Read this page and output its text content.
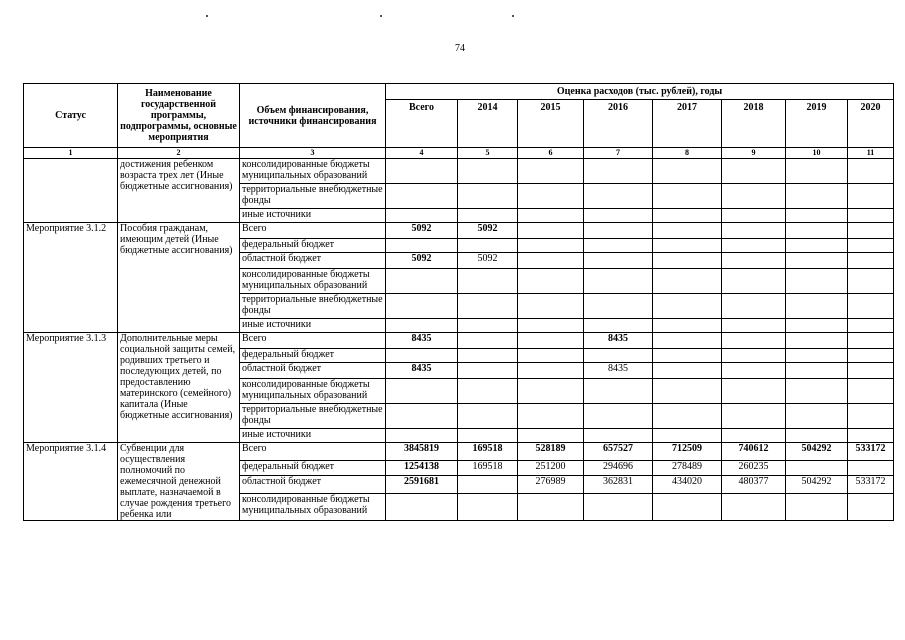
74
Статус	Наименование государственной программы, подпрограммы, основные мероприятия	Объем финансирования, источники финансирования	Оценка расходов (тыс. рублей), годы							
			Всего	2014	2015	2016	2017	2018	2019	2020
1	2	3	4	5	6	7	8	9	10	11
	достижения ребенком возраста трех лет (Иные бюджетные ассигнования)	консолидированные бюджеты муниципальных образований								
		территориальные внебюджетные фонды								
		иные источники								
Мероприятие 3.1.2	Пособия гражданам, имеющим детей (Иные бюджетные ассигнования)	Всего	5092	5092						
		федеральный бюджет								
		областной бюджет	5092	5092						
		консолидированные бюджеты муниципальных образований								
		территориальные внебюджетные фонды								
		иные источники								
Мероприятие 3.1.3	Дополнительные меры социальной защиты семей, родивших третьего и последующих детей, по предоставлению материнского (семейного) капитала (Иные бюджетные ассигнования)	Всего	8435			8435				
		федеральный бюджет								
		областной бюджет	8435			8435				
		консолидированные бюджеты муниципальных образований								
		территориальные внебюджетные фонды								
		иные источники								
Мероприятие 3.1.4	Субвенции для осуществления полномочий по ежемесячной денежной выплате, назначаемой в случае рождения третьего ребенка или	Всего	3845819	169518	528189	657527	712509	740612	504292	533172
		федеральный бюджет	1254138	169518	251200	294696	278489	260235		
		областной бюджет	2591681		276989	362831	434020	480377	504292	533172
		консолидированные бюджеты муниципальных образований								
